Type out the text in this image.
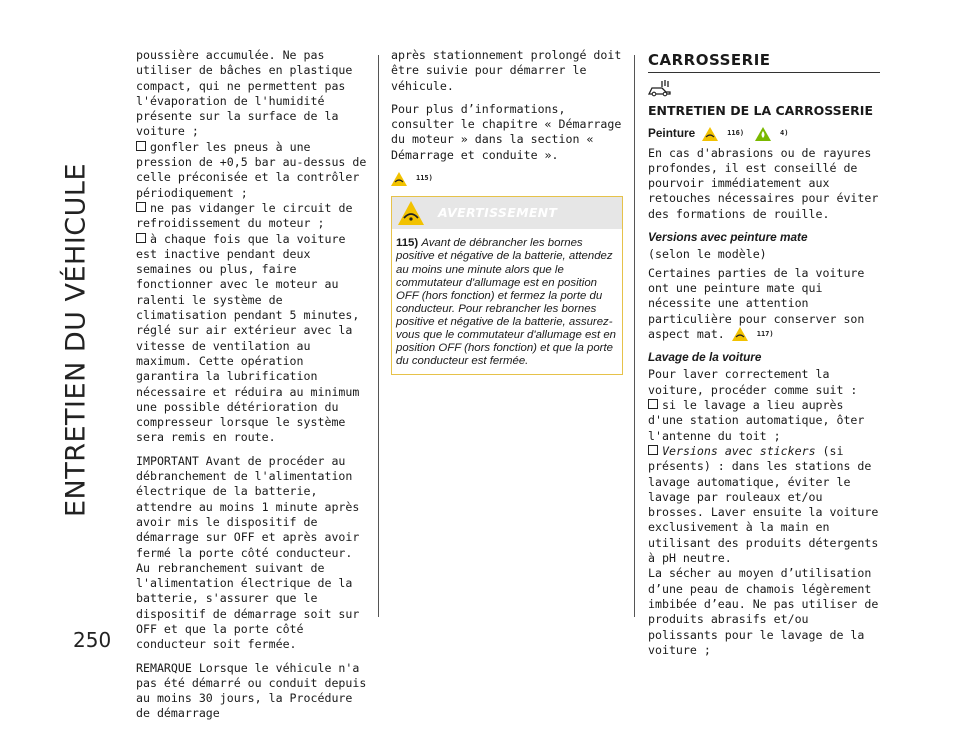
ENTRETIEN DU VÉHICULE
250

poussière accumulée. Ne pas utiliser de bâches en plastique compact, qui ne permettent pas l'évaporation de l'humidité présente sur la surface de la voiture ;
gonfler les pneus à une pression de +0,5 bar au-dessus de celle préconisée et la contrôler périodiquement ;
ne pas vidanger le circuit de refroidissement du moteur ;
à chaque fois que la voiture est inactive pendant deux semaines ou plus, faire fonctionner avec le moteur au ralenti le système de climatisation pendant 5 minutes, réglé sur air extérieur avec la vitesse de ventilation au maximum. Cette opération garantira la lubrification nécessaire et réduira au minimum une possible détérioration du compresseur lorsque le système sera remis en route.

IMPORTANT Avant de procéder au débranchement de l'alimentation électrique de la batterie, attendre au moins 1 minute après avoir mis le dispositif de démarrage sur OFF et après avoir fermé la porte côté conducteur. Au rebranchement suivant de l'alimentation électrique de la batterie, s'assurer que le dispositif de démarrage soit sur OFF et que la porte côté conducteur soit fermée.

REMARQUE Lorsque le véhicule n'a pas été démarré ou conduit depuis au moins 30 jours, la Procédure de démarrage

après stationnement prolongé doit être suivie pour démarrer le véhicule.

Pour plus d’informations, consulter le chapitre « Démarrage du moteur » dans la section « Démarrage et conduite ».

$^{115)}$
AVERTISSEMENT
115) Avant de débrancher les bornes positive et négative de la batterie, attendez au moins une minute alors que le commutateur d'allumage est en position OFF (hors fonction) et fermez la porte du conducteur. Pour rebrancher les bornes positive et négative de la batterie, assurez-vous que le commutateur d'allumage est en position OFF (hors fonction) et que la porte du conducteur est fermée.
CARROSSERIE
ENTRETIEN DE LA CARROSSERIE
Peinture	$^{116)}$	$^{4)}$

En cas d'abrasions ou de rayures profondes, il est conseillé de pourvoir immédiatement aux retouches nécessaires pour éviter des formations de rouille.

Versions avec peinture mate

(selon le modèle)

Certaines parties de la voiture ont une peinture mate qui nécessite une attention particulière pour conserver son aspect mat.	$^{117)}$

Lavage de la voiture

Pour laver correctement la voiture, procéder comme suit :
si le lavage a lieu auprès d'une station automatique, ôter l'antenne du toit ;
Versions avec stickers (si présents) : dans les stations de lavage automatique, éviter le lavage par rouleaux et/ou brosses. Laver ensuite la voiture exclusivement à la main en utilisant des produits détergents à pH neutre.
La sécher au moyen d’utilisation d’une peau de chamois légèrement imbibée d’eau. Ne pas utiliser de produits abrasifs et/ou polissants pour le lavage de la voiture ;
